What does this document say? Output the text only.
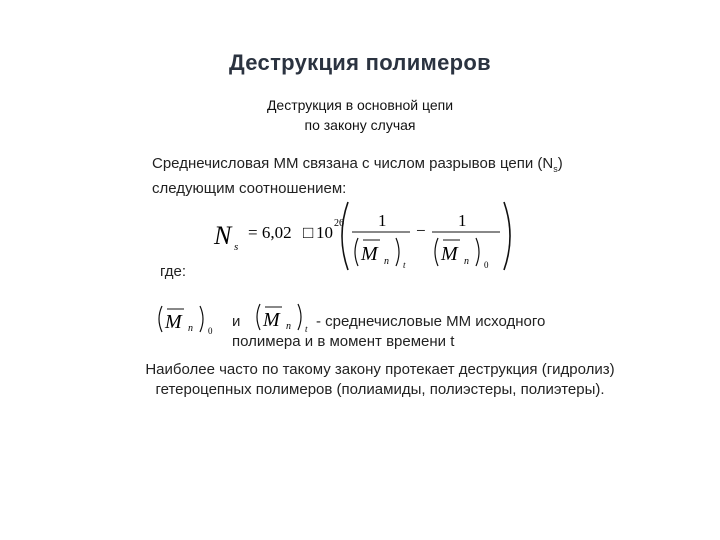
Деструкция полимеров
Деструкция в основной цепи
по закону случая
Среднечисловая ММ связана с числом разрывов цепи $(N_s)$
следующим соотношением:
N s
= 6,02 □ 10 26 1
M n t
−
1
M n 0
где:
M n 0
и M n t - среднечисловые ММ исходного
полимера и в момент времени t
Наиболее часто по такому закону протекает деструкция (гидролиз)
гетероцепных полимеров (полиамиды, полиэстеры, полиэтеры).
